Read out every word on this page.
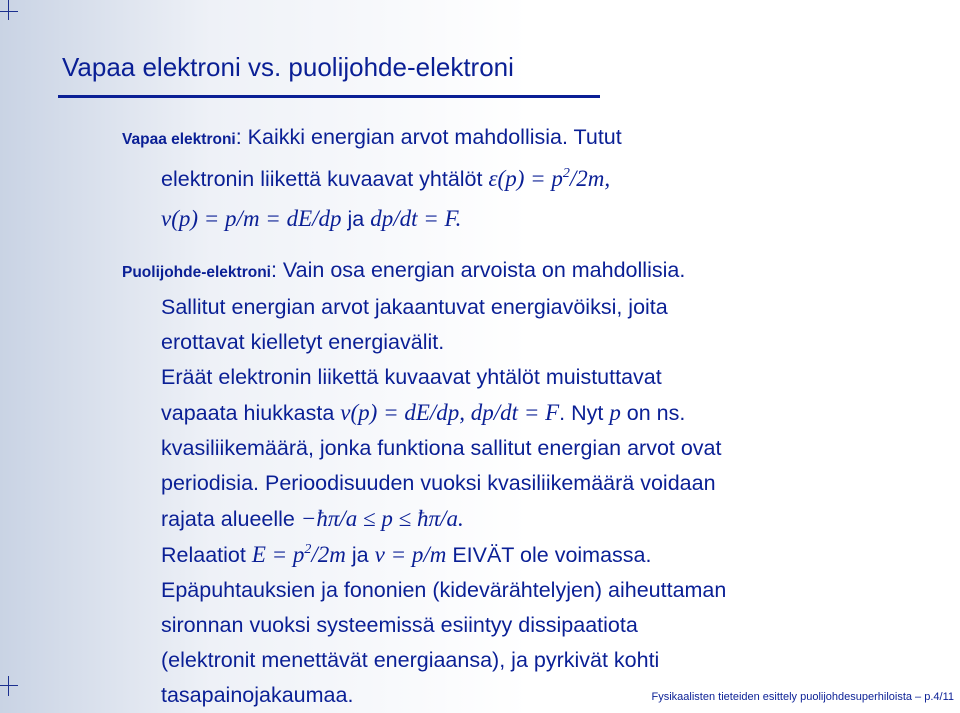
Vapaa elektroni vs. puolijohde-elektroni
Vapaa elektroni: Kaikki energian arvot mahdollisia. Tutut
elektronin liikettä kuvaavat yhtälöt $\varepsilon(p) = p^2/2m$,
v(p) = p/m = dE/dp ja dp/dt = F.
Puolijohde-elektroni: Vain osa energian arvoista on mahdollisia.
Sallitut energian arvot jakaantuvat energiavöiksi, joita
erottavat kielletyt energiavälit.
Eräät elektronin liikettä kuvaavat yhtälöt muistuttavat
vapaata hiukkasta v(p) = dE/dp, dp/dt = F. Nyt p on ns.
kvasiliikemäärä, jonka funktiona sallitut energian arvot ovat
periodisia. Perioodisuuden vuoksi kvasiliikemäärä voidaan
rajata alueelle −ħπ/a ≤ p ≤ ħπ/a.
Relaatiot $E = p^2/2m$ ja v = p/m EIVÄT ole voimassa.
Epäpuhtauksien ja fononien (kidevärähtelyjen) aiheuttaman
sironnan vuoksi systeemissä esiintyy dissipaatiota
(elektronit menettävät energiaansa), ja pyrkivät kohti
tasapainojakaumaa.	Fysikaalisten tieteiden esittely puolijohdesuperhiloista – p.4/11
